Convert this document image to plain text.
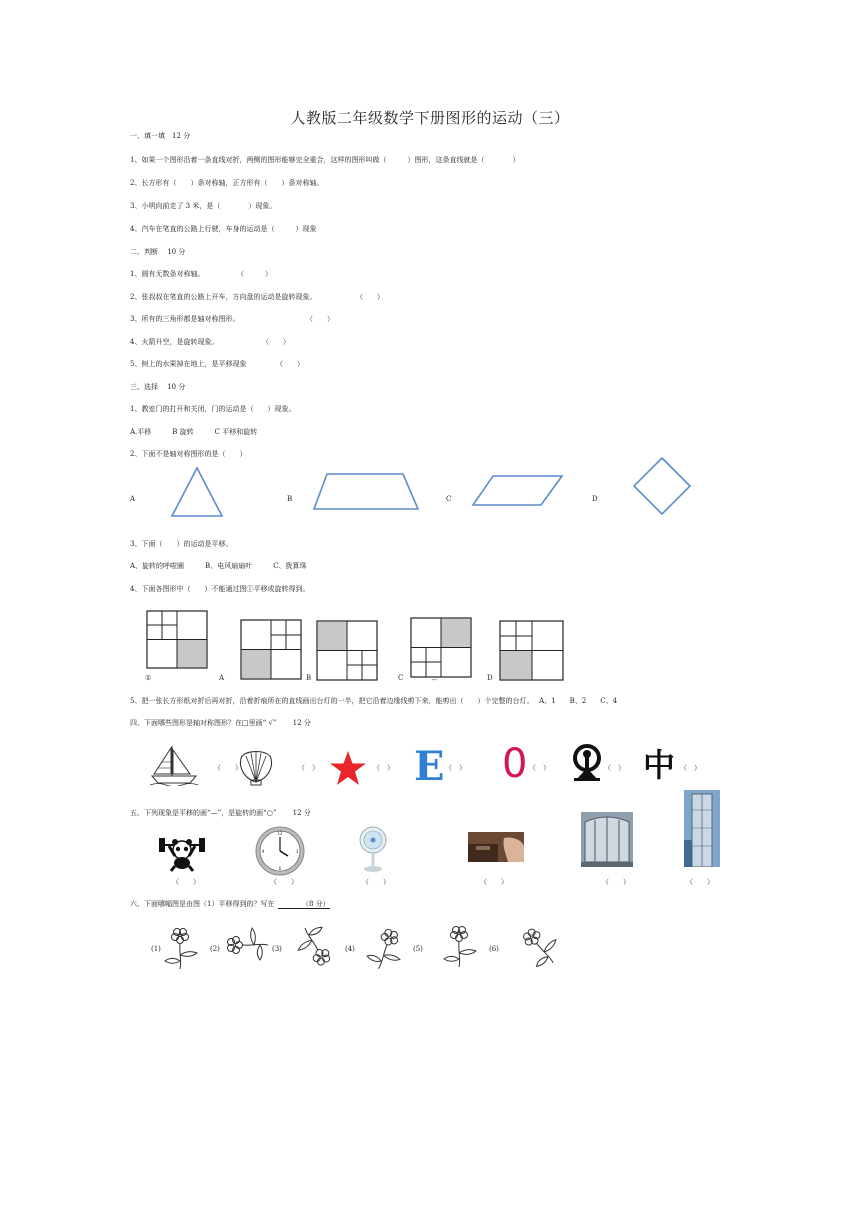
人教版二年级数学下册图形的运动（三）
一、填一填　12 分
1、如果一个图形沿着一条直线对折，两侧的图形能够完全重合，这样的图形叫做（　　　）图形，这条直线就是（　　　　）
2、长方形有（　　）条对称轴，正方形有（　　）条对称轴。
3、小明向前走了 3 米，是（　　　　）现象。
4、汽车在笔直的公路上行驶，车身的运动是（　　　）现象
二、判断　 10 分
1、圆有无数条对称轴。	（　　　）
2、张叔叔在笔直的公路上开车，方向盘的运动是旋转现象。	（　　）
3、所有的三角形都是轴对称图形。	（　　）
4、火箭升空，是旋转现象。	（　　）
5、树上的水果掉在地上，是平移现象	（　　）
三、选择　 10 分
1、教室门的打开和关闭，门的运动是（　　）现象。
A.平移　　　B 旋转　　　C 平移和旋转
2、下面不是轴对称图形的是（　　）
A	B	C	D
3、下面（　　）的运动是平移。
A、旋转的呼啦圈　　　B、电风扇扇叶　　　C、拨算珠
4、下面各图形中（　　）不能通过图①平移或旋转得到。
①	A	B	C	--	D
5、把一张长方形纸对折后再对折，沿着折痕所在的直线画出台灯的一半，把它沿着边缘线剪下来，能剪出（　　）个完整的台灯。　 A、1　　B、2　　C、4
四、下面哪些图形是轴对称图形？在□里画“ √”　　 12 分
（　　）	（　）	（　） E （　） 0 （　）	（　） 中 （　）
五、下列现象是平移的画“—”，是旋转的画“○”　　 12 分
（　　）
12
3
6
9
（　　）	（　　）	（　　）	（　　）	（　　）
六、下面哪幅图是由图（1）平移得到的？写在	（8 分）
(1)	(2)	(3)	(4)	(5)	(6)
